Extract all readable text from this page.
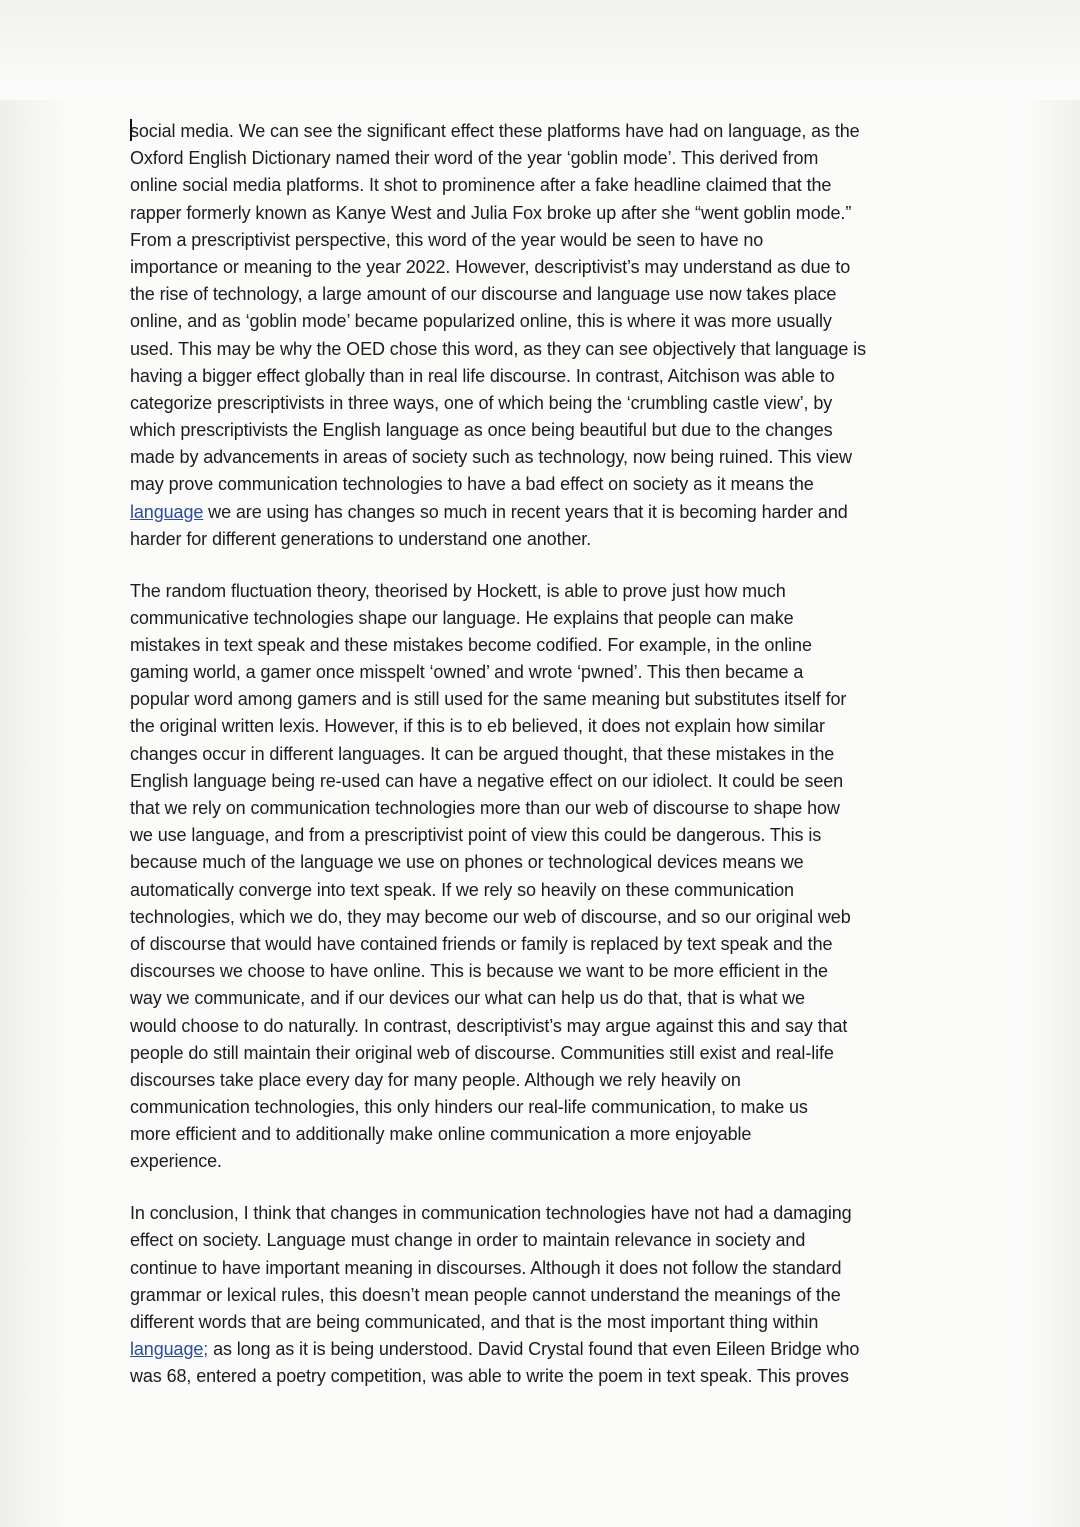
social media. We can see the significant effect these platforms have had on language, as the
Oxford English Dictionary named their word of the year ‘goblin mode’. This derived from
online social media platforms. It shot to prominence after a fake headline claimed that the
rapper formerly known as Kanye West and Julia Fox broke up after she “went goblin mode.”
From a prescriptivist perspective, this word of the year would be seen to have no
importance or meaning to the year 2022. However, descriptivist’s may understand as due to
the rise of technology, a large amount of our discourse and language use now takes place
online, and as ‘goblin mode’ became popularized online, this is where it was more usually
used. This may be why the OED chose this word, as they can see objectively that language is
having a bigger effect globally than in real life discourse. In contrast, Aitchison was able to
categorize prescriptivists in three ways, one of which being the ‘crumbling castle view’, by
which prescriptivists the English language as once being beautiful but due to the changes
made by advancements in areas of society such as technology, now being ruined. This view
may prove communication technologies to have a bad effect on society as it means the
language we are using has changes so much in recent years that it is becoming harder and
harder for different generations to understand one another.
The random fluctuation theory, theorised by Hockett, is able to prove just how much
communicative technologies shape our language. He explains that people can make
mistakes in text speak and these mistakes become codified. For example, in the online
gaming world, a gamer once misspelt ‘owned’ and wrote ‘pwned’. This then became a
popular word among gamers and is still used for the same meaning but substitutes itself for
the original written lexis. However, if this is to eb believed, it does not explain how similar
changes occur in different languages. It can be argued thought, that these mistakes in the
English language being re-used can have a negative effect on our idiolect. It could be seen
that we rely on communication technologies more than our web of discourse to shape how
we use language, and from a prescriptivist point of view this could be dangerous. This is
because much of the language we use on phones or technological devices means we
automatically converge into text speak. If we rely so heavily on these communication
technologies, which we do, they may become our web of discourse, and so our original web
of discourse that would have contained friends or family is replaced by text speak and the
discourses we choose to have online. This is because we want to be more efficient in the
way we communicate, and if our devices our what can help us do that, that is what we
would choose to do naturally. In contrast, descriptivist’s may argue against this and say that
people do still maintain their original web of discourse. Communities still exist and real-life
discourses take place every day for many people. Although we rely heavily on
communication technologies, this only hinders our real-life communication, to make us
more efficient and to additionally make online communication a more enjoyable
experience.
In conclusion, I think that changes in communication technologies have not had a damaging
effect on society. Language must change in order to maintain relevance in society and
continue to have important meaning in discourses. Although it does not follow the standard
grammar or lexical rules, this doesn’t mean people cannot understand the meanings of the
different words that are being communicated, and that is the most important thing within
language; as long as it is being understood. David Crystal found that even Eileen Bridge who
was 68, entered a poetry competition, was able to write the poem in text speak. This proves
